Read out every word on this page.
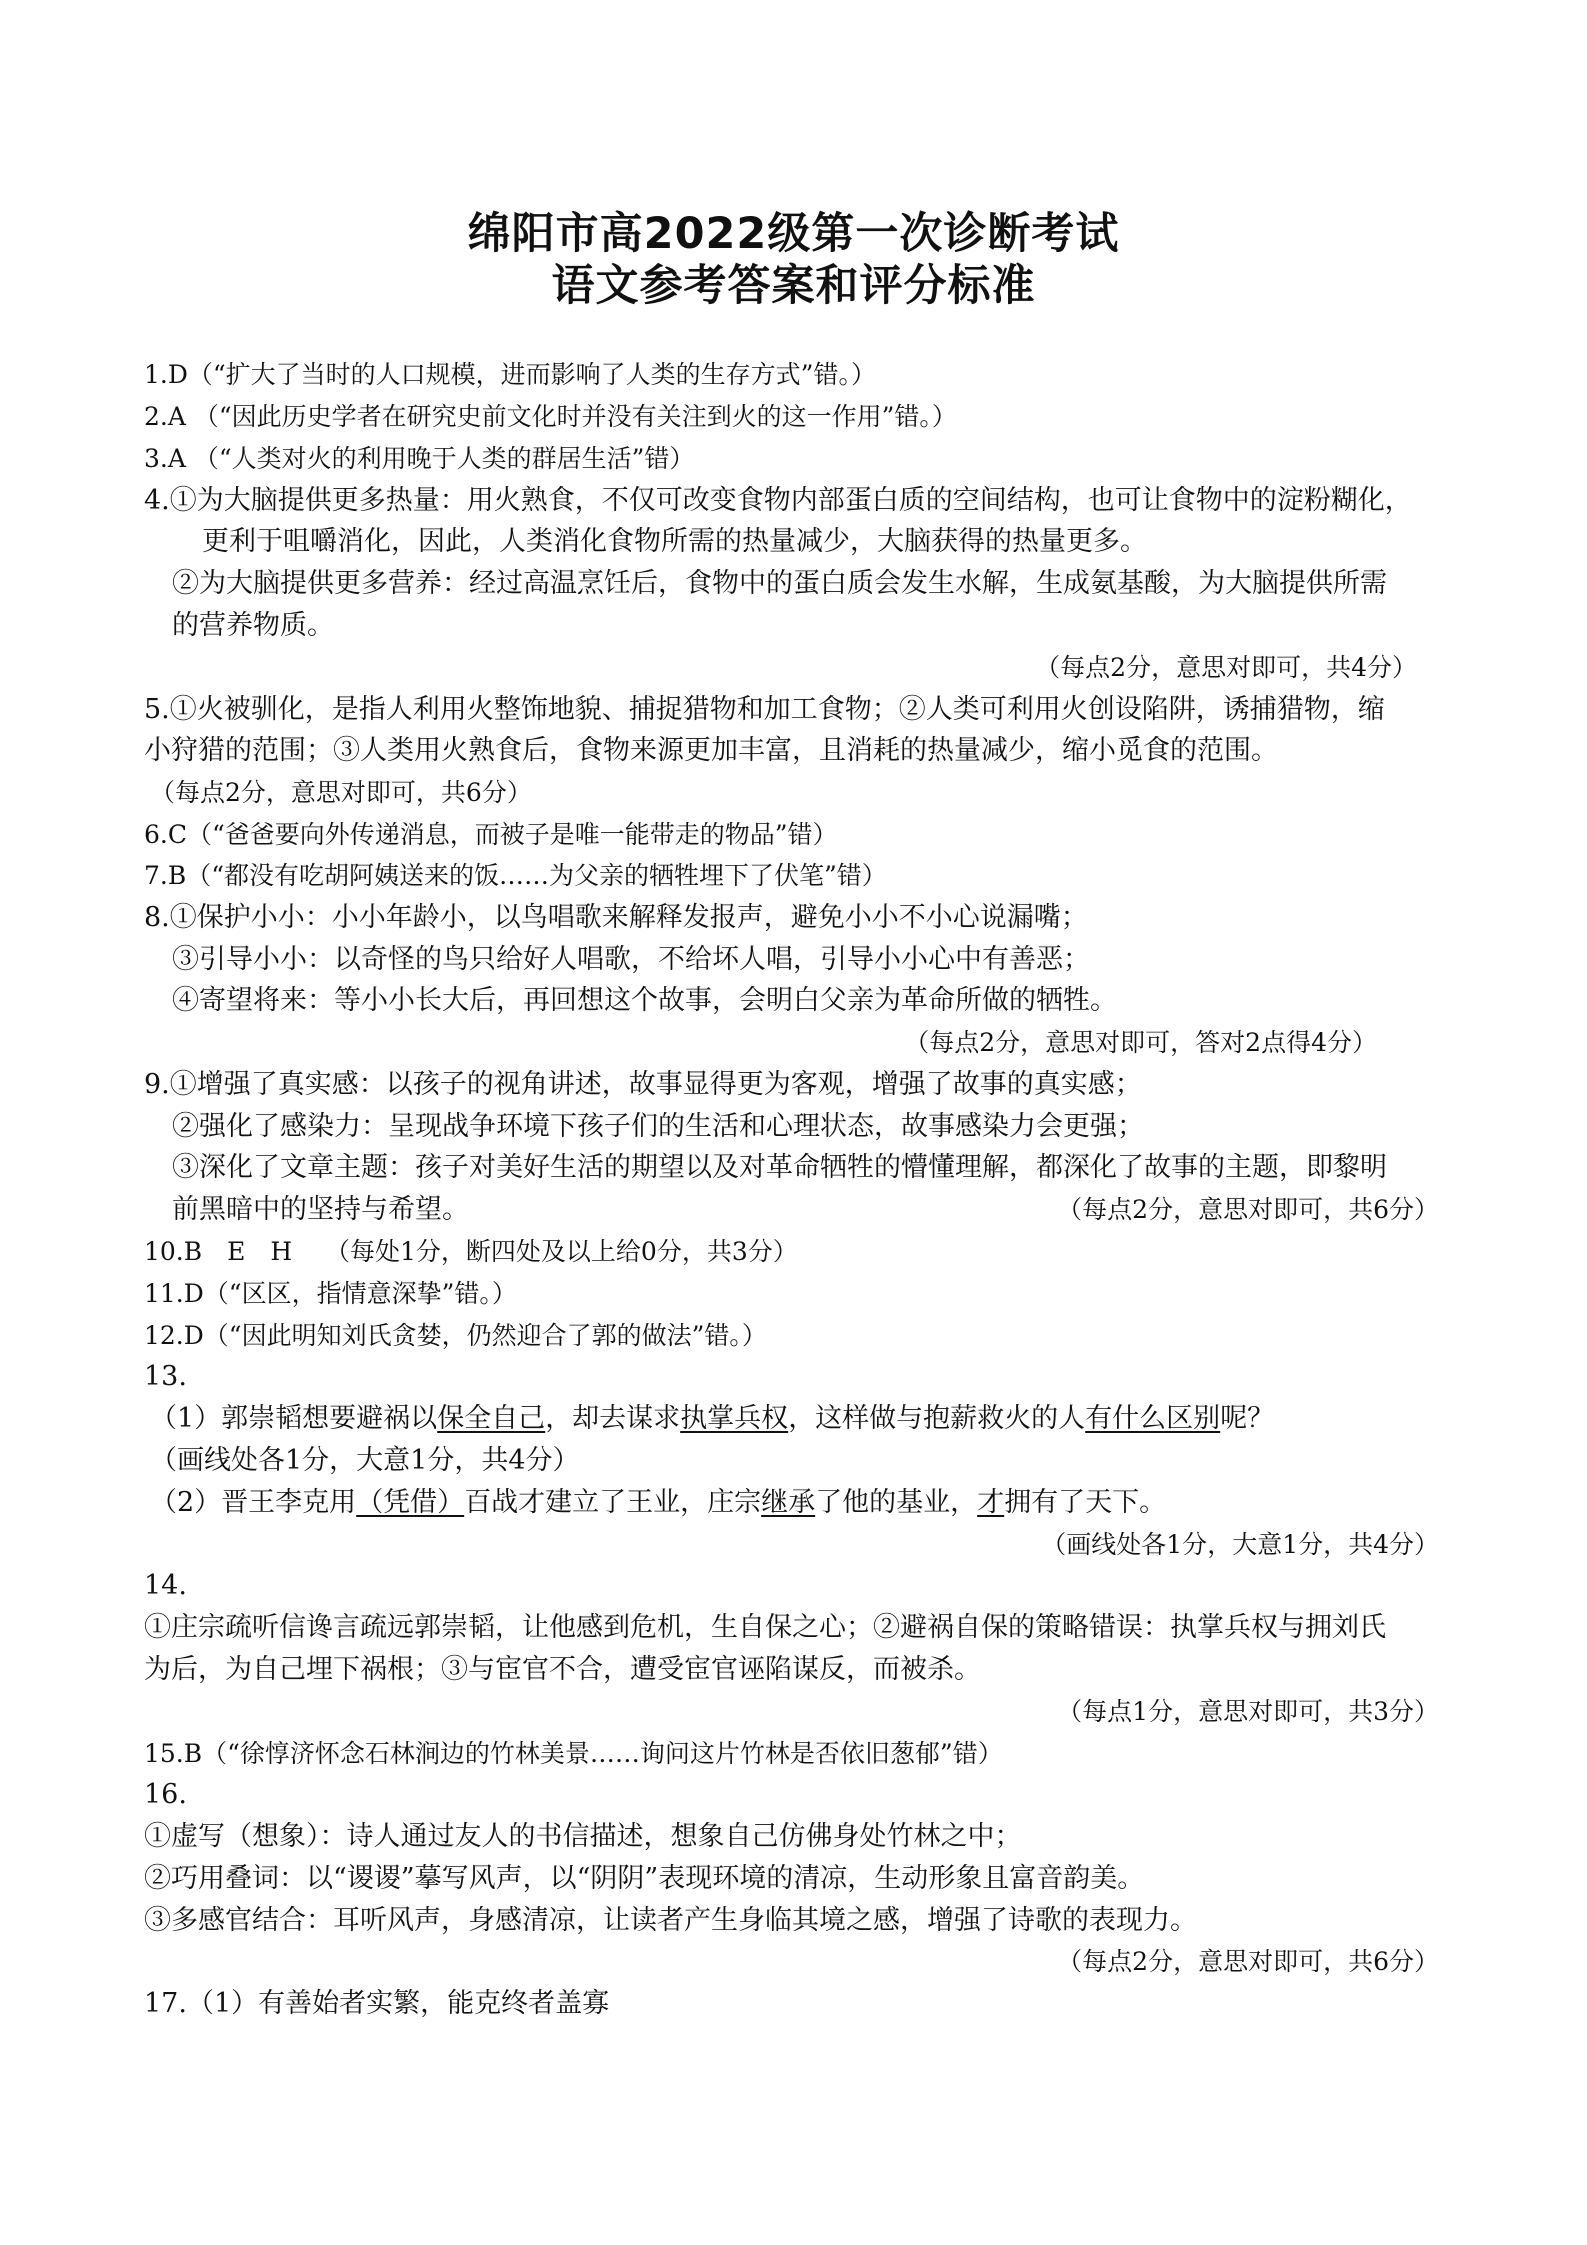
绵阳市高2022级第一次诊断考试
语文参考答案和评分标准
1.D（“扩大了当时的人口规模，进而影响了人类的生存方式”错。）
2.A （“因此历史学者在研究史前文化时并没有关注到火的这一作用”错。）
3.A （“人类对火的利用晚于人类的群居生活”错）
4.①为大脑提供更多热量：用火熟食，不仅可改变食物内部蛋白质的空间结构，也可让食物中的淀粉糊化，
更利于咀嚼消化，因此，人类消化食物所需的热量减少，大脑获得的热量更多。
②为大脑提供更多营养：经过高温烹饪后，食物中的蛋白质会发生水解，生成氨基酸，为大脑提供所需
的营养物质。
（每点2分，意思对即可，共4分）
5.①火被驯化，是指人利用火整饰地貌、捕捉猎物和加工食物；②人类可利用火创设陷阱，诱捕猎物，缩
小狩猎的范围；③人类用火熟食后，食物来源更加丰富，且消耗的热量减少，缩小觅食的范围。
（每点2分，意思对即可，共6分）
6.C（“爸爸要向外传递消息，而被子是唯一能带走的物品”错）
7.B（“都没有吃胡阿姨送来的饭……为父亲的牺牲埋下了伏笔”错）
8.①保护小小：小小年龄小，以鸟唱歌来解释发报声，避免小小不小心说漏嘴；
③引导小小：以奇怪的鸟只给好人唱歌，不给坏人唱，引导小小心中有善恶；
④寄望将来：等小小长大后，再回想这个故事，会明白父亲为革命所做的牺牲。
（每点2分，意思对即可，答对2点得4分）
9.①增强了真实感：以孩子的视角讲述，故事显得更为客观，增强了故事的真实感；
②强化了感染力：呈现战争环境下孩子们的生活和心理状态，故事感染力会更强；
③深化了文章主题：孩子对美好生活的期望以及对革命牺牲的懵懂理解，都深化了故事的主题，即黎明
前黑暗中的坚持与希望。	（每点2分，意思对即可，共6分）
10.B　E　H （每处1分，断四处及以上给0分，共3分）
11.D（“区区，指情意深挚”错。）
12.D（“因此明知刘氏贪婪，仍然迎合了郭的做法”错。）
13.
（1）郭崇韬想要避祸以保全自己，却去谋求执掌兵权，这样做与抱薪救火的人有什么区别呢？
（画线处各1分，大意1分，共4分）
（2）晋王李克用（凭借）百战才建立了王业，庄宗继承了他的基业，才拥有了天下。
（画线处各1分，大意1分，共4分）
14.
①庄宗疏听信谗言疏远郭崇韬，让他感到危机，生自保之心；②避祸自保的策略错误：执掌兵权与拥刘氏
为后，为自己埋下祸根；③与宦官不合，遭受宦官诬陷谋反，而被杀。
（每点1分，意思对即可，共3分）
15.B（“徐惇济怀念石林涧边的竹林美景……询问这片竹林是否依旧葱郁”错）
16.
①虚写（想象）：诗人通过友人的书信描述，想象自己仿佛身处竹林之中；
②巧用叠词：以“谡谡”摹写风声，以“阴阴”表现环境的清凉，生动形象且富音韵美。
③多感官结合：耳听风声，身感清凉，让读者产生身临其境之感，增强了诗歌的表现力。
（每点2分，意思对即可，共6分）
17.（1）有善始者实繁，能克终者盖寡
